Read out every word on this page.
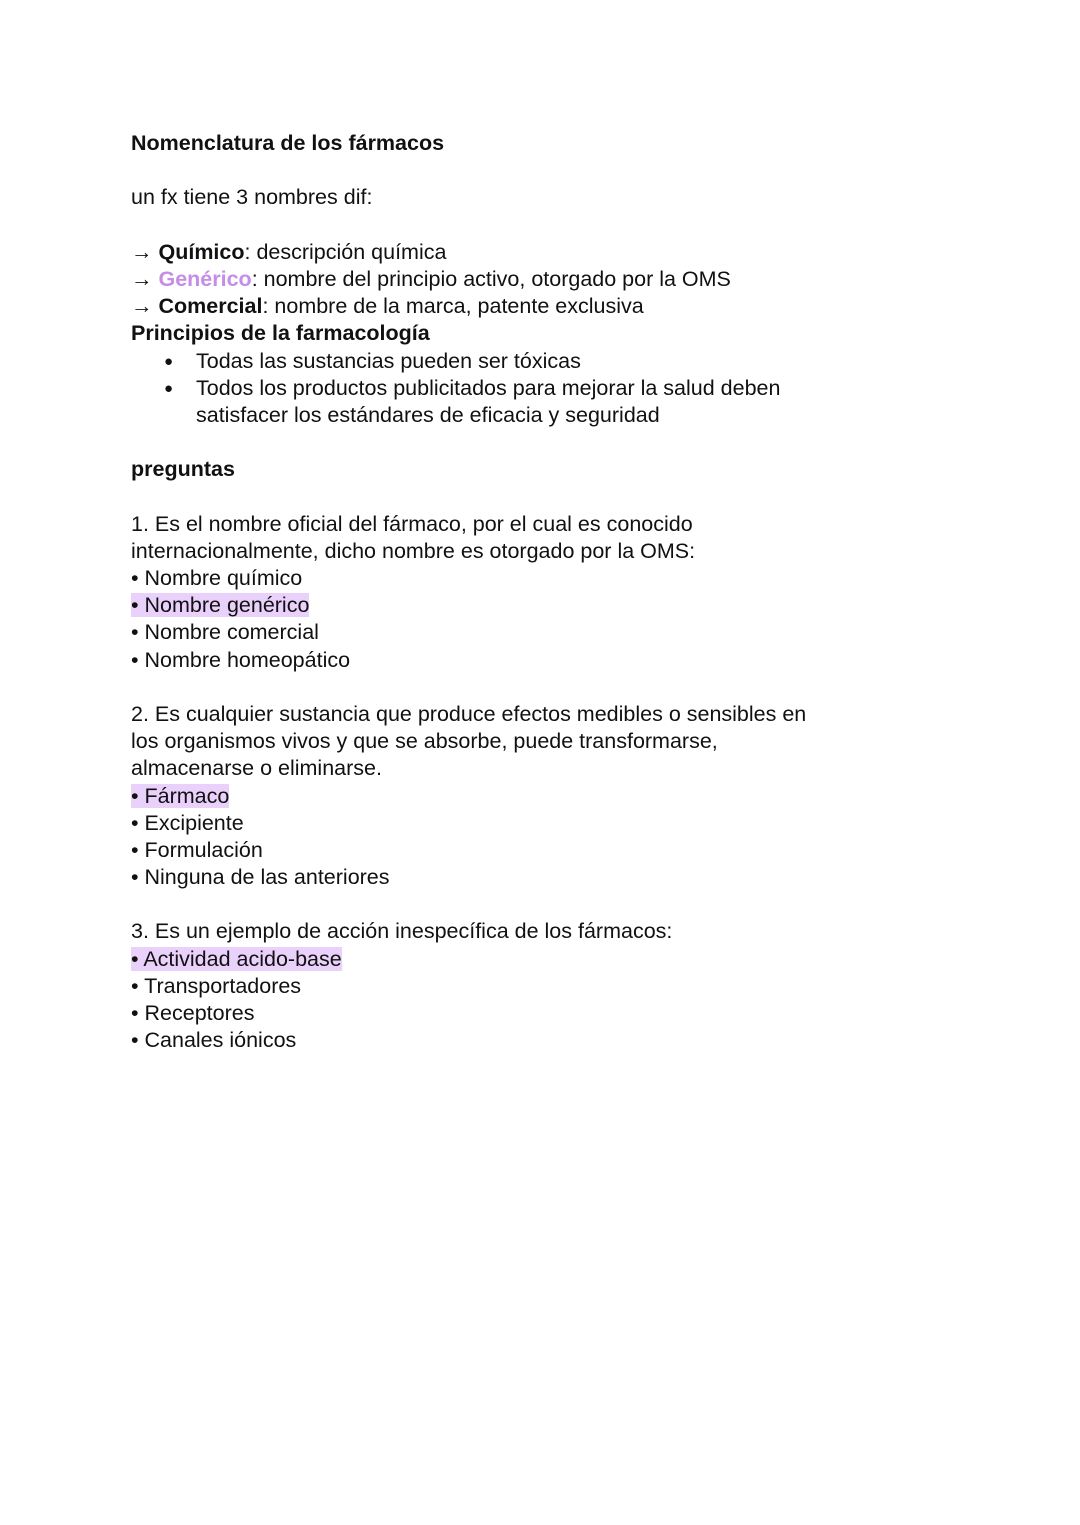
Nomenclatura de los fármacos
un fx tiene 3 nombres dif:
→ Químico: descripción química
→ Genérico: nombre del principio activo, otorgado por la OMS
→ Comercial: nombre de la marca, patente exclusiva
Principios de la farmacología
● Todas las sustancias pueden ser tóxicas
● Todos los productos publicitados para mejorar la salud deben
satisfacer los estándares de eficacia y seguridad
preguntas
1. Es el nombre oficial del fármaco, por el cual es conocido
internacionalmente, dicho nombre es otorgado por la OMS:
• Nombre químico
• Nombre genérico
• Nombre comercial
• Nombre homeopático
2. Es cualquier sustancia que produce efectos medibles o sensibles en
los organismos vivos y que se absorbe, puede transformarse,
almacenarse o eliminarse.
• Fármaco
• Excipiente
• Formulación
• Ninguna de las anteriores
3. Es un ejemplo de acción inespecífica de los fármacos:
• Actividad acido-base
• Transportadores
• Receptores
• Canales iónicos
